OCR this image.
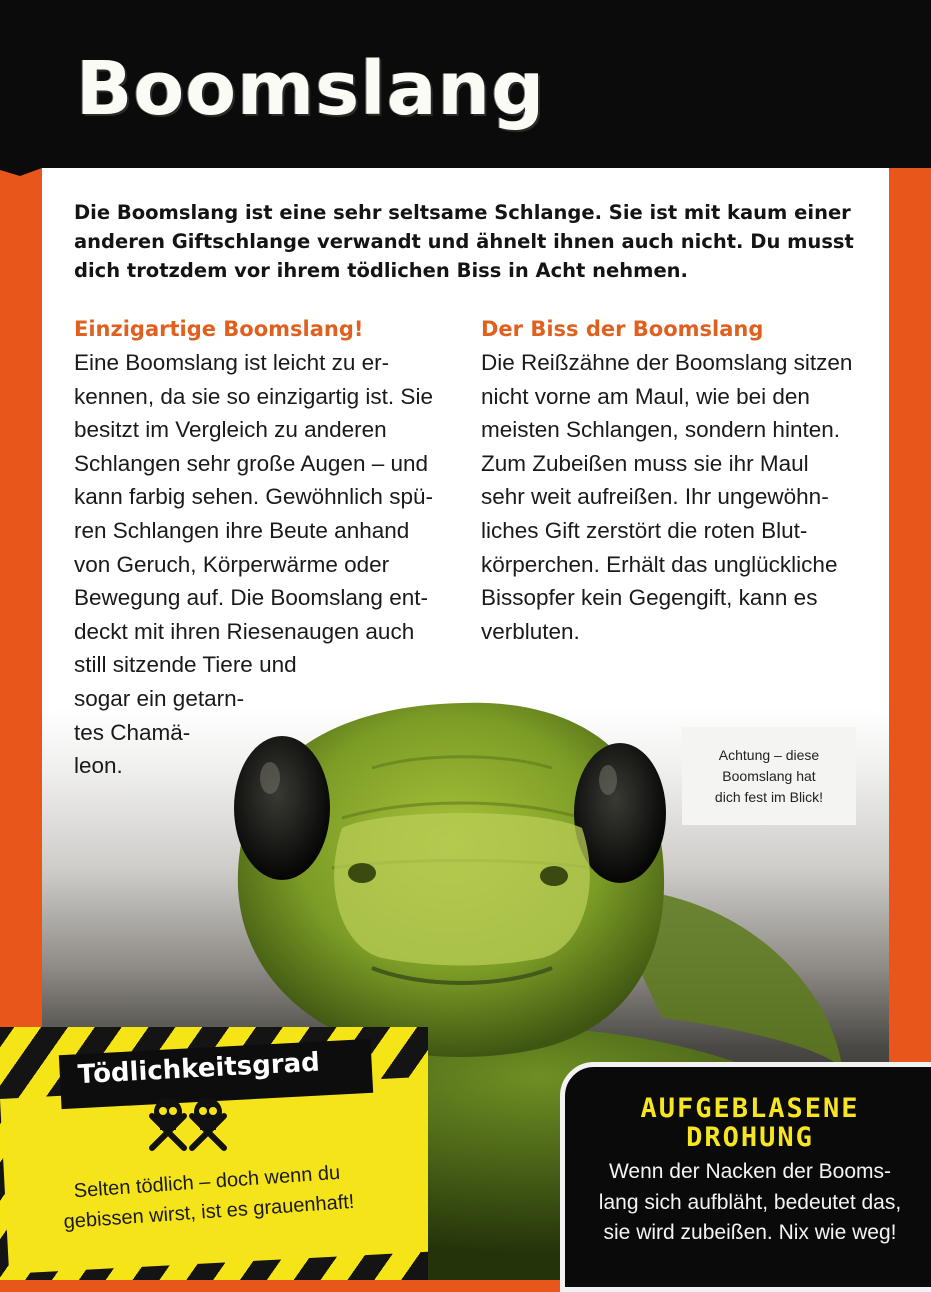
Boomslang

Die Boomslang ist eine sehr seltsame Schlange. Sie ist mit kaum einer anderen Giftschlange verwandt und ähnelt ihnen auch nicht. Du musst dich trotzdem vor ihrem tödlichen Biss in Acht nehmen.

Einzigartige Boomslang!

Eine Boomslang ist leicht zu er-
kennen, da sie so einzigartig ist. Sie
besitzt im Vergleich zu anderen
Schlangen sehr große Augen – und
kann farbig sehen. Gewöhnlich spü-
ren Schlangen ihre Beute anhand
von Geruch, Körperwärme oder
Bewegung auf. Die Boomslang ent-
deckt mit ihren Riesenaugen auch
still sitzende Tiere und
sogar ein getarn-
tes Chamä-
leon.

Der Biss der Boomslang

Die Reißzähne der Boomslang sitzen
nicht vorne am Maul, wie bei den
meisten Schlangen, sondern hinten.
Zum Zubeißen muss sie ihr Maul
sehr weit aufreißen. Ihr ungewöhn-
liches Gift zerstört die roten Blut-
körperchen. Erhält das unglückliche
Bissopfer kein Gegengift, kann es
verbluten.

Achtung – diese
Boomslang hat
dich fest im Blick!
Tödlichkeitsgrad
Selten tödlich – doch wenn du
gebissen wirst, ist es grauenhaft!
AUFGEBLASENE
DROHUNG
Wenn der Nacken der Booms-
lang sich aufbläht, bedeutet das,
sie wird zubeißen. Nix wie weg!
